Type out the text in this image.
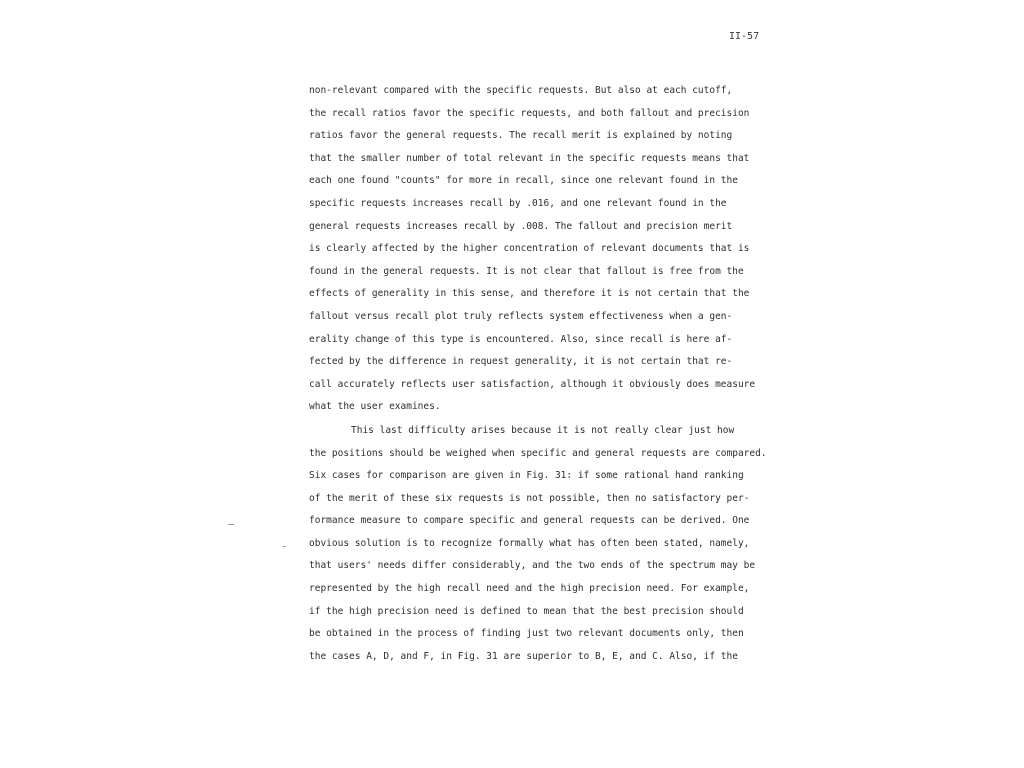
II-57
non-relevant compared with the specific requests. But also at each cutoff,
the recall ratios favor the specific requests, and both fallout and precision
ratios favor the general requests. The recall merit is explained by noting
that the smaller number of total relevant in the specific requests means that
each one found "counts" for more in recall, since one relevant found in the
specific requests increases recall by .016, and one relevant found in the
general requests increases recall by .008. The fallout and precision merit
is clearly affected by the higher concentration of relevant documents that is
found in the general requests. It is not clear that fallout is free from the
effects of generality in this sense, and therefore it is not certain that the
fallout versus recall plot truly reflects system effectiveness when a gen-
erality change of this type is encountered. Also, since recall is here af-
fected by the difference in request generality, it is not certain that re-
call accurately reflects user satisfaction, although it obviously does measure
what the user examines.
This last difficulty arises because it is not really clear just how
the positions should be weighed when specific and general requests are compared.
Six cases for comparison are given in Fig. 31: if some rational hand ranking
of the merit of these six requests is not possible, then no satisfactory per-
formance measure to compare specific and general requests can be derived. One
obvious solution is to recognize formally what has often been stated, namely,
that users' needs differ considerably, and the two ends of the spectrum may be
represented by the high recall need and the high precision need. For example,
if the high precision need is defined to mean that the best precision should
be obtained in the process of finding just two relevant documents only, then
the cases A, D, and F, in Fig. 31 are superior to B, E, and C. Also, if the
